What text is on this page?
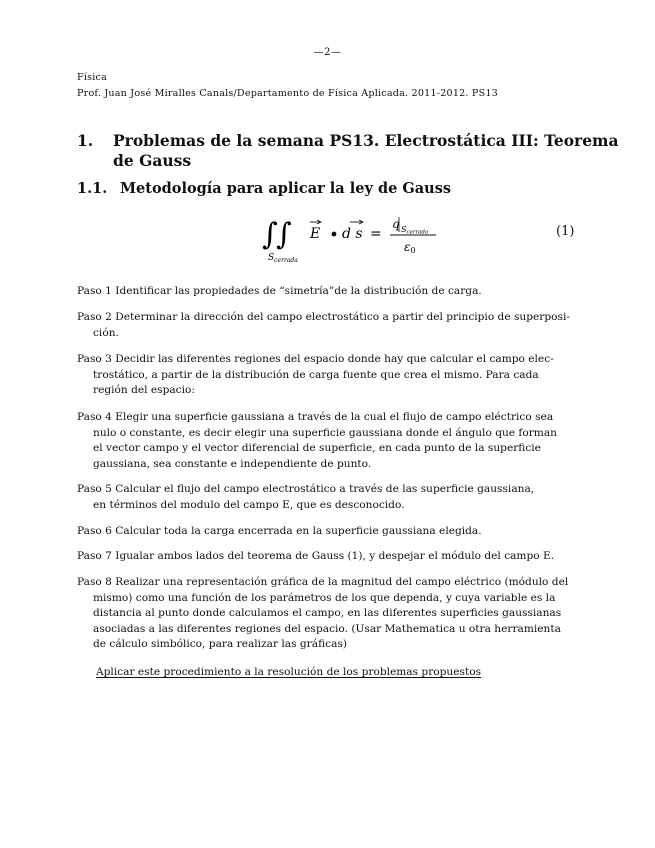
—2—
Física
Prof. Juan José Miralles Canals/Departamento de Física Aplicada. 2011-2012. PS13
1. Problemas de la semana PS13. Electrostática III: Teorema de Gauss
1.1. Metodología para aplicar la ley de Gauss
∫
∫
$S_{cerrada}$
E d s =
q Scerrada
ε0
(1)
Paso 1 Identificar las propiedades de “simetría”de la distribución de carga.
Paso 2 Determinar la dirección del campo electrostático a partir del principio de superposi-
ción.
Paso 3 Decidir las diferentes regiones del espacio donde hay que calcular el campo elec-
trostático, a partir de la distribución de carga fuente que crea el mismo. Para cada
región del espacio:
Paso 4 Elegir una superficie gaussiana a través de la cual el flujo de campo eléctrico sea
nulo o constante, es decir elegir una superficie gaussiana donde el ángulo que forman
el vector campo y el vector diferencial de superficie, en cada punto de la superficie
gaussiana, sea constante e independiente de punto.
Paso 5 Calcular el flujo del campo electrostático a través de las superficie gaussiana,
en términos del modulo del campo E, que es desconocido.
Paso 6 Calcular toda la carga encerrada en la superficie gaussiana elegida.
Paso 7 Igualar ambos lados del teorema de Gauss (1), y despejar el módulo del campo E.
Paso 8 Realizar una representación gráfica de la magnitud del campo eléctrico (módulo del
mismo) como una función de los parámetros de los que dependa, y cuya variable es la
distancia al punto donde calculamos el campo, en las diferentes superficies gaussianas
asociadas a las diferentes regiones del espacio. (Usar Mathematica u otra herramienta
de cálculo simbólico, para realizar las gráficas)
Aplicar este procedimiento a la resolución de los problemas propuestos
